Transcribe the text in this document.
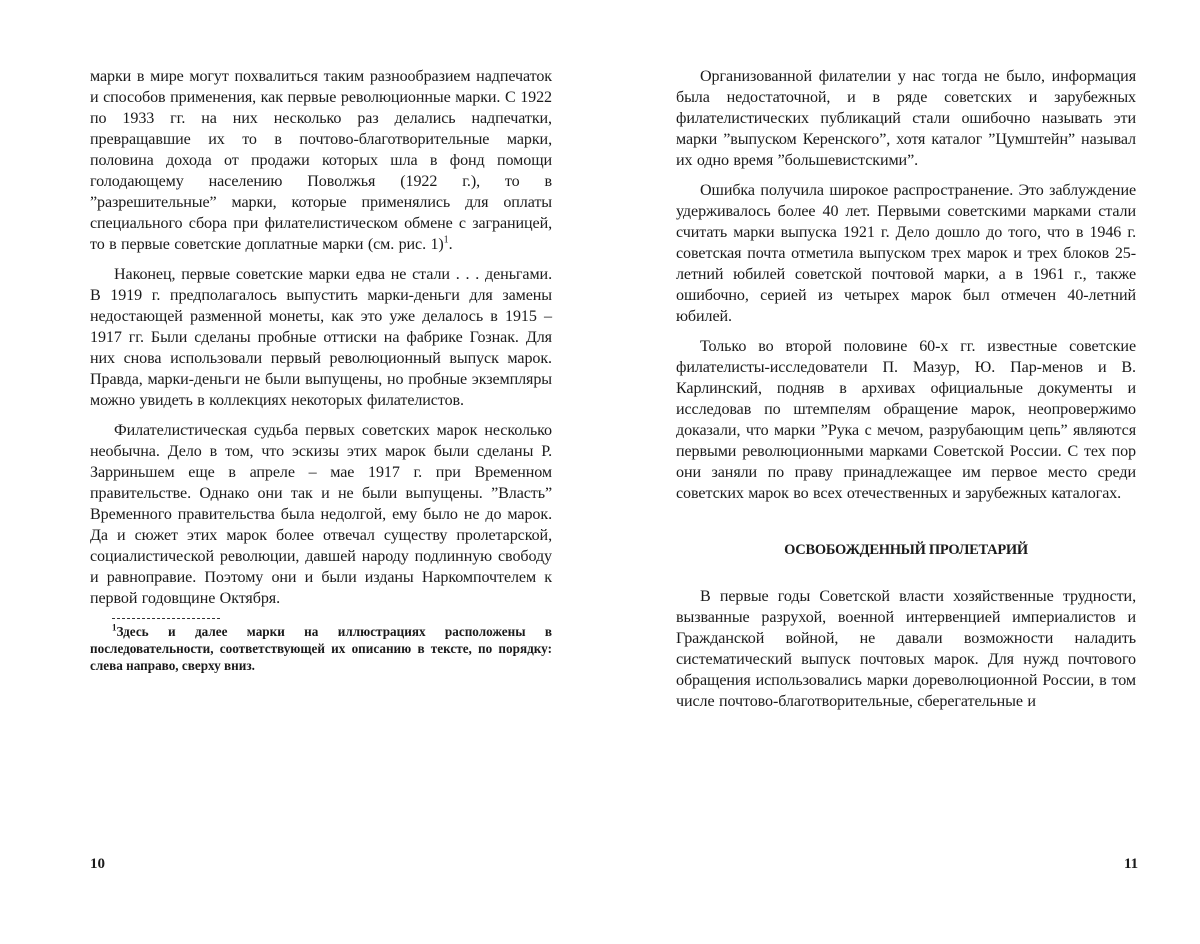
марки в мире могут похвалиться таким разнообразием надпечаток и способов применения, как первые революционные марки. С 1922 по 1933 гг. на них несколько раз делались надпечатки, превращавшие их то в почтово-благотворительные марки, половина дохода от продажи которых шла в фонд помощи голодающему населению Поволжья (1922 г.), то в ”разрешительные” марки, которые применялись для оплаты специального сбора при филателистическом обмене с заграницей, то в первые советские доплатные марки (см. рис. 1)$^1$.

Наконец, первые советские марки едва не стали . . . деньгами. В 1919 г. предполагалось выпустить марки-деньги для замены недостающей разменной монеты, как это уже делалось в 1915 – 1917 гг. Были сделаны пробные оттиски на фабрике Гознак. Для них снова использовали первый революционный выпуск марок. Правда, марки-деньги не были выпущены, но пробные экземпляры можно увидеть в коллекциях некоторых филателистов.

Филателистическая судьба первых советских марок несколько необычна. Дело в том, что эскизы этих марок были сделаны Р. Зарриньшем еще в апреле – мае 1917 г. при Временном правительстве. Однако они так и не были выпущены. ”Власть” Временного правительства была недолгой, ему было не до марок. Да и сюжет этих марок более отвечал существу пролетарской, социалистической революции, давшей народу подлинную свободу и равноправие. Поэтому они и были изданы Наркомпочтелем к первой годовщине Октября.

$^1$Здесь и далее марки на иллюстрациях расположены в последовательности, соответствующей их описанию в тексте, по порядку: слева направо, сверху вниз.

Организованной филателии у нас тогда не было, информация была недостаточной, и в ряде советских и зарубежных филателистических публикаций стали ошибочно называть эти марки ”выпуском Керенского”, хотя каталог ”Цумштейн” называл их одно время ”большевистскими”.

Ошибка получила широкое распространение. Это заблуждение удерживалось более 40 лет. Первыми советскими марками стали считать марки выпуска 1921 г. Дело дошло до того, что в 1946 г. советская почта отметила выпуском трех марок и трех блоков 25-летний юбилей советской почтовой марки, а в 1961 г., также ошибочно, серией из четырех марок был отмечен 40-летний юбилей.

Только во второй половине 60-х гг. известные советские филателисты-исследователи П. Мазур, Ю. Пар-менов и В. Карлинский, подняв в архивах официальные документы и исследовав по штемпелям обращение марок, неопровержимо доказали, что марки ”Рука с мечом, разрубающим цепь” являются первыми революционными марками Советской России. С тех пор они заняли по праву принадлежащее им первое место среди советских марок во всех отечественных и зарубежных каталогах.

ОСВОБОЖДЕННЫЙ ПРОЛЕТАРИЙ

В первые годы Советской власти хозяйственные трудности, вызванные разрухой, военной интервенцией империалистов и Гражданской войной, не давали возможности наладить систематический выпуск почтовых марок. Для нужд почтового обращения использовались марки дореволюционной России, в том числе почтово-благотворительные, сберегательные и

10	11
